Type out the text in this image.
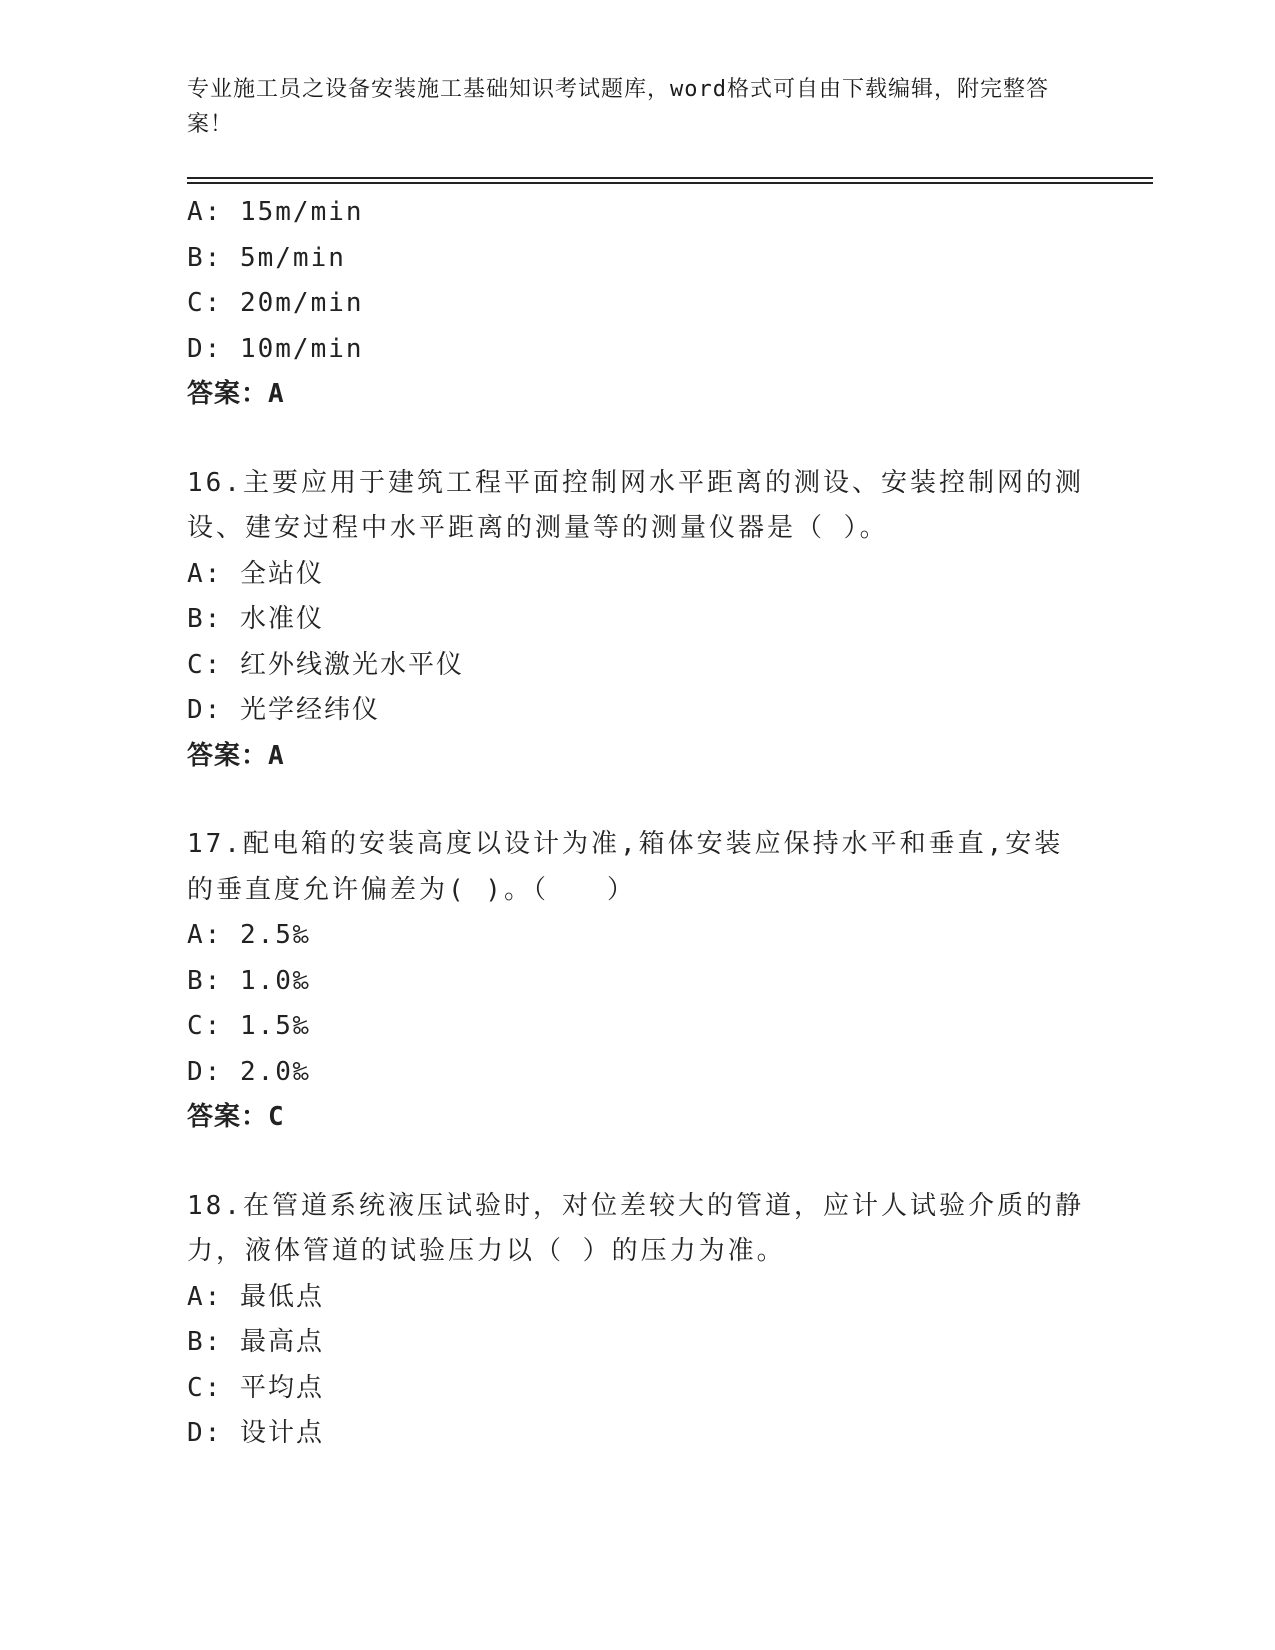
专业施工员之设备安装施工基础知识考试题库，word格式可自由下载编辑，附完整答案！
A: 15m/min
B: 5m/min
C: 20m/min
D: 10m/min
答案：A
16.主要应用于建筑工程平面控制网水平距离的测设、安装控制网的测设、建安过程中水平距离的测量等的测量仪器是（ ）。
A: 全站仪
B: 水准仪
C: 红外线激光水平仪
D: 光学经纬仪
答案：A
17.配电箱的安装高度以设计为准,箱体安装应保持水平和垂直,安装的垂直度允许偏差为( )。（　　）
A: 2.5‰
B: 1.0‰
C: 1.5‰
D: 2.0‰
答案：C
18.在管道系统液压试验时，对位差较大的管道，应计人试验介质的静力，液体管道的试验压力以（ ）的压力为准。
A: 最低点
B: 最高点
C: 平均点
D: 设计点
